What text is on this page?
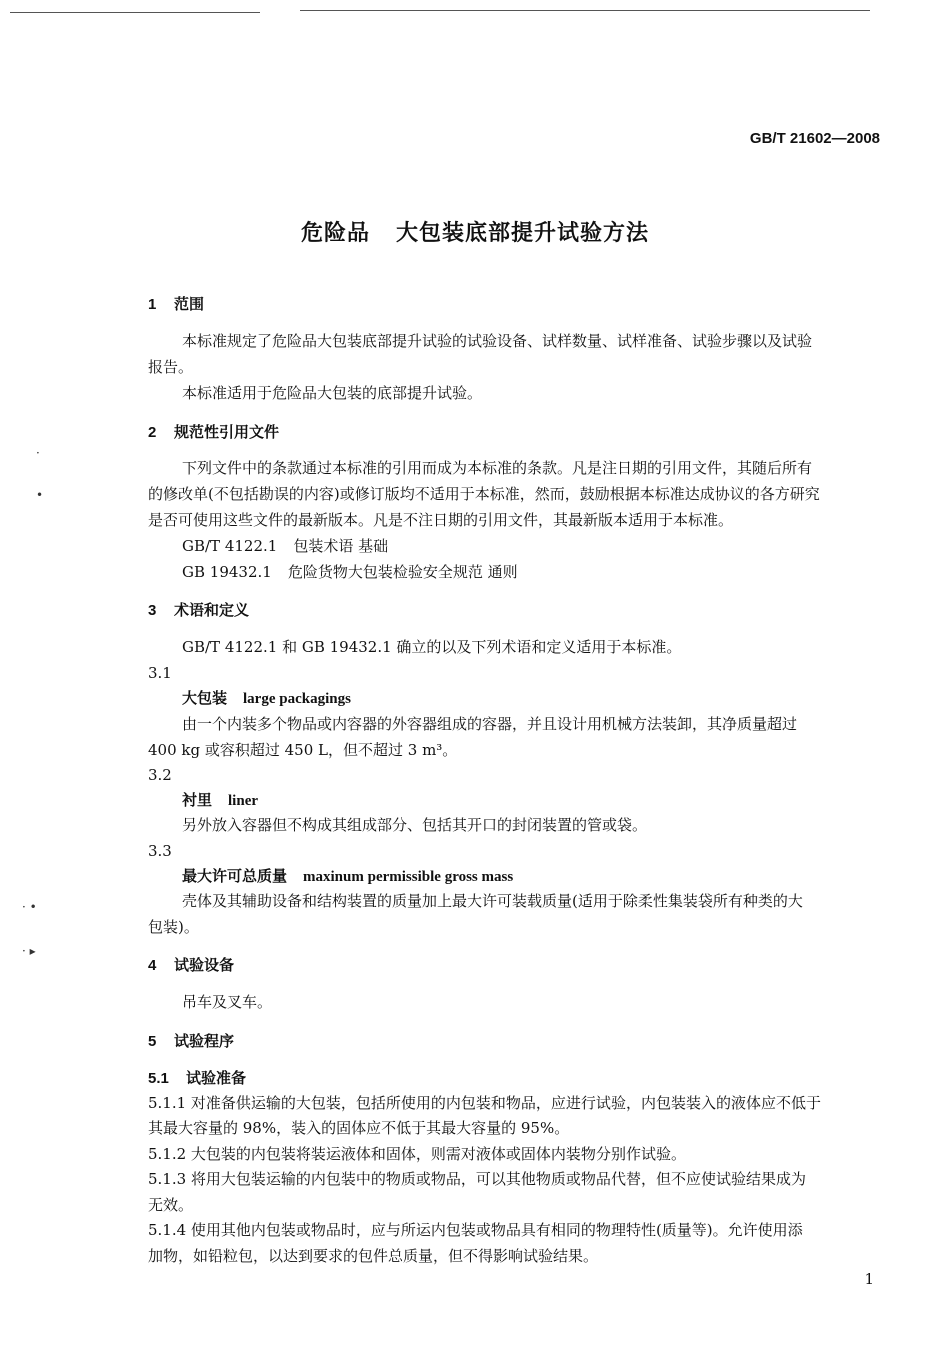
·
•
· •
· ▸
GB/T 21602—2008
危险品 大包装底部提升试验方法
1 范围
本标准规定了危险品大包装底部提升试验的试验设备、试样数量、试样准备、试验步骤以及试验
报告。
本标准适用于危险品大包装的底部提升试验。
2 规范性引用文件
下列文件中的条款通过本标准的引用而成为本标准的条款。凡是注日期的引用文件，其随后所有
的修改单(不包括勘误的内容)或修订版均不适用于本标准，然而，鼓励根据本标准达成协议的各方研究
是否可使用这些文件的最新版本。凡是不注日期的引用文件，其最新版本适用于本标准。
GB/T 4122.1 包装术语 基础
GB 19432.1 危险货物大包装检验安全规范 通则
3 术语和定义
GB/T 4122.1 和 GB 19432.1 确立的以及下列术语和定义适用于本标准。
3.1
大包装 large packagings
由一个内装多个物品或内容器的外容器组成的容器，并且设计用机械方法装卸，其净质量超过
400 kg 或容积超过 450 L，但不超过 3 m³。
3.2
衬里 liner
另外放入容器但不构成其组成部分、包括其开口的封闭装置的管或袋。
3.3
最大许可总质量 maxinum permissible gross mass
壳体及其辅助设备和结构装置的质量加上最大许可装载质量(适用于除柔性集装袋所有种类的大
包装)。
4 试验设备
吊车及叉车。
5 试验程序
5.1 试验准备
5.1.1 对准备供运输的大包装，包括所使用的内包装和物品，应进行试验，内包装装入的液体应不低于
其最大容量的 98%，装入的固体应不低于其最大容量的 95%。
5.1.2 大包装的内包装将装运液体和固体，则需对液体或固体内装物分别作试验。
5.1.3 将用大包装运输的内包装中的物质或物品，可以其他物质或物品代替，但不应使试验结果成为
无效。
5.1.4 使用其他内包装或物品时，应与所运内包装或物品具有相同的物理特性(质量等)。允许使用添
加物，如铅粒包，以达到要求的包件总质量，但不得影响试验结果。
1
